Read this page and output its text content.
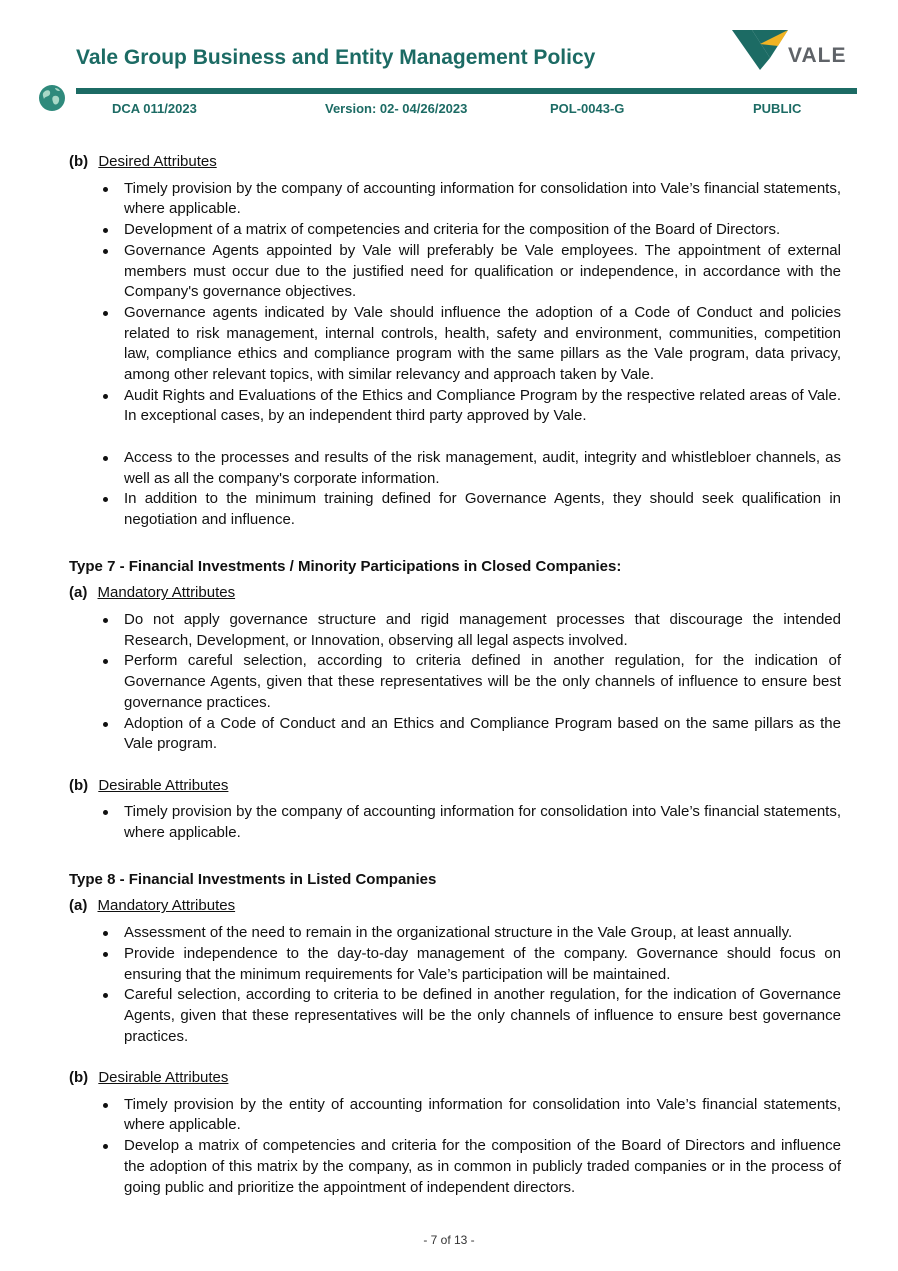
Vale Group Business and Entity Management Policy	VALE
DCA 011/2023	Version: 02- 04/26/2023	POL-0043-G	PUBLIC

(b) Desired Attributes

Timely provision by the company of accounting information for consolidation into Vale’s financial statements, where applicable.
Development of a matrix of competencies and criteria for the composition of the Board of Directors.
Governance Agents appointed by Vale will preferably be Vale employees. The appointment of external members must occur due to the justified need for qualification or independence, in accordance with the Company's governance objectives.
Governance agents indicated by Vale should influence the adoption of a Code of Conduct and policies related to risk management, internal controls, health, safety and environment, communities, competition law, compliance ethics and compliance program with the same pillars as the Vale program, data privacy, among other relevant topics, with similar relevancy and approach taken by Vale.
Audit Rights and Evaluations of the Ethics and Compliance Program by the respective related areas of Vale. In exceptional cases, by an independent third party approved by Vale.
Access to the processes and results of the risk management, audit, integrity and whistlebloer channels, as well as all the company's corporate information.
In addition to the minimum training defined for Governance Agents, they should seek qualification in negotiation and influence.

Type 7 - Financial Investments / Minority Participations in Closed Companies:

(a) Mandatory Attributes

Do not apply governance structure and rigid management processes that discourage the intended Research, Development, or Innovation, observing all legal aspects involved.
Perform careful selection, according to criteria defined in another regulation, for the indication of Governance Agents, given that these representatives will be the only channels of influence to ensure best governance practices.
Adoption of a Code of Conduct and an Ethics and Compliance Program based on the same pillars as the Vale program.

(b) Desirable Attributes

Timely provision by the company of accounting information for consolidation into Vale’s financial statements, where applicable.

Type 8 - Financial Investments in Listed Companies

(a) Mandatory Attributes

Assessment of the need to remain in the organizational structure in the Vale Group, at least annually.
Provide independence to the day-to-day management of the company. Governance should focus on ensuring that the minimum requirements for Vale’s participation will be maintained.
Careful selection, according to criteria to be defined in another regulation, for the indication of Governance Agents, given that these representatives will be the only channels of influence to ensure best governance practices.

(b) Desirable Attributes

Timely provision by the entity of accounting information for consolidation into Vale’s financial statements, where applicable.
Develop a matrix of competencies and criteria for the composition of the Board of Directors and influence the adoption of this matrix by the company, as in common in publicly traded companies or in the process of going public and prioritize the appointment of independent directors.
- 7 of 13 -
